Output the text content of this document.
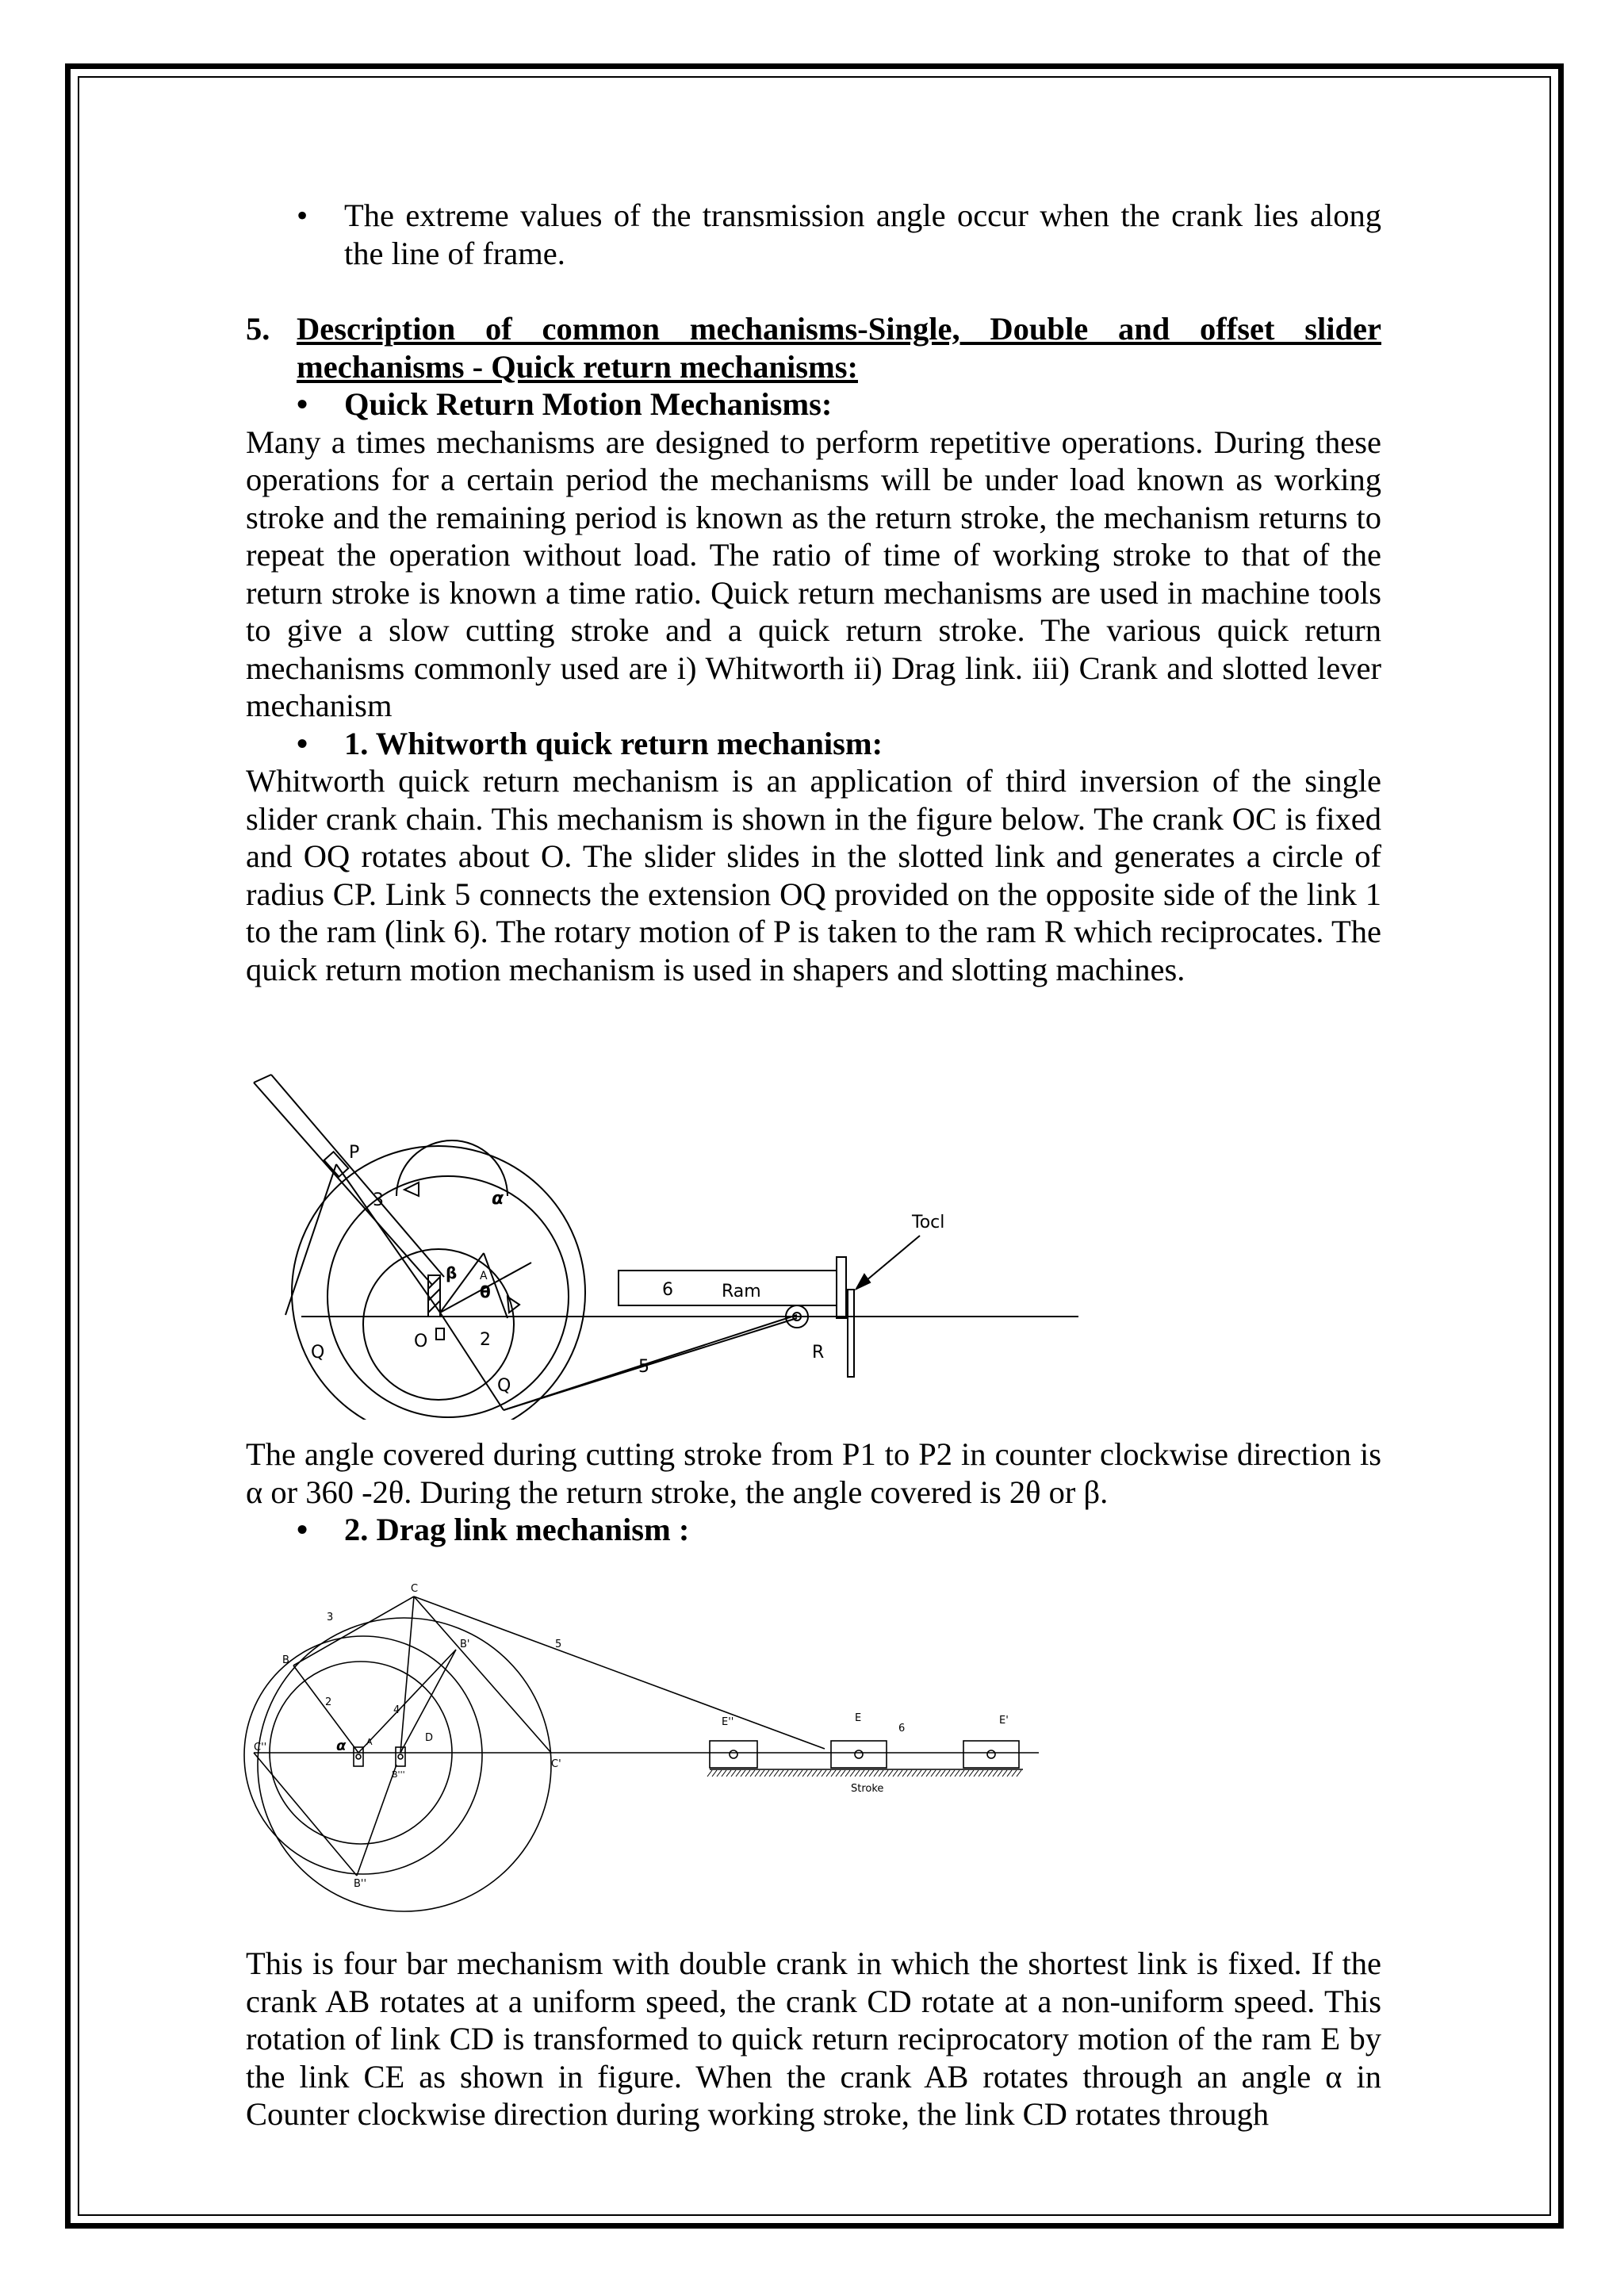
• The extreme values of the transmission angle occur when the crank lies along the line of frame.

5. Description of common mechanisms-Single, Double and offset slider mechanisms - Quick return mechanisms:

• Quick Return Motion Mechanisms:

Many a times mechanisms are designed to perform repetitive operations. During these operations for a certain period the mechanisms will be under load known as working stroke and the remaining period is known as the return stroke, the mechanism returns to repeat the operation without load. The ratio of time of working stroke to that of the return stroke is known a time ratio. Quick return mechanisms are used in machine tools to give a slow cutting stroke and a quick return stroke. The various quick return mechanisms commonly used are i) Whitworth ii) Drag link. iii) Crank and slotted lever mechanism

• 1. Whitworth quick return mechanism:

Whitworth quick return mechanism is an application of third inversion of the single slider crank chain. This mechanism is shown in the figure below. The crank OC is fixed and OQ rotates about O. The slider slides in the slotted link and generates a circle of radius CP. Link 5 connects the extension OQ provided on the opposite side of the link 1 to the ram (link 6). The rotary motion of P is taken to the ram R which reciprocates. The quick return motion mechanism is used in shapers and slotting machines.

P
3	α
β
θ
A
O	2
Q
Q
5
6	Ram
Tocl
R

The angle covered during cutting stroke from P1 to P2 in counter clockwise direction is α or 360 -2θ. During the return stroke, the angle covered is 2θ or β.

• 2. Drag link mechanism :

C
3
5
B
B'
2
4
C''	α A	D
B'''
C'
B''
E''	E
6
E'
Stroke

This is four bar mechanism with double crank in which the shortest link is fixed. If the crank AB rotates at a uniform speed, the crank CD rotate at a non-uniform speed. This rotation of link CD is transformed to quick return reciprocatory motion of the ram E by the link CE as shown in figure. When the crank AB rotates through an angle α in Counter clockwise direction during working stroke, the link CD rotates through
